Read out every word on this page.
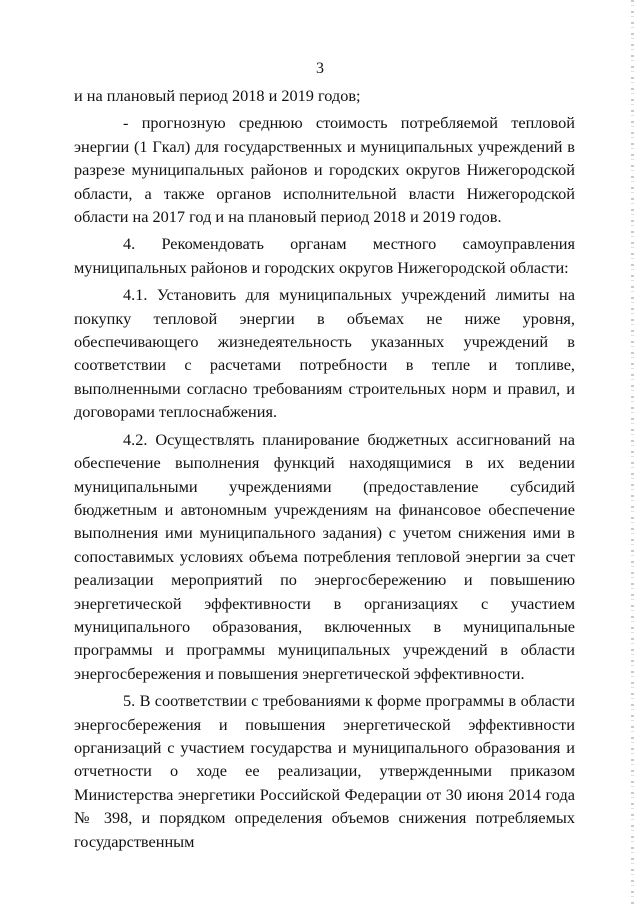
3

и на плановый период 2018 и 2019 годов;

- прогнозную среднюю стоимость потребляемой тепловой энергии (1 Гкал) для государственных и муниципальных учреждений в разрезе муниципальных районов и городских округов Нижегородской области, а также органов исполнительной власти Нижегородской области на 2017 год и на плановый период 2018 и 2019 годов.

4. Рекомендовать органам местного самоуправления муниципальных районов и городских округов Нижегородской области:

4.1. Установить для муниципальных учреждений лимиты на покупку тепловой энергии в объемах не ниже уровня, обеспечивающего жизнедеятельность указанных учреждений в соответствии с расчетами потребности в тепле и топливе, выполненными согласно требованиям строительных норм и правил, и договорами теплоснабжения.

4.2. Осуществлять планирование бюджетных ассигнований на обеспечение выполнения функций находящимися в их ведении муниципальными учреждениями (предоставление субсидий бюджетным и автономным учреждениям на финансовое обеспечение выполнения ими муниципального задания) с учетом снижения ими в сопоставимых условиях объема потребления тепловой энергии за счет реализации мероприятий по энергосбережению и повышению энергетической эффективности в организациях с участием муниципального образования, включенных в муниципальные программы и программы муниципальных учреждений в области энергосбережения и повышения энергетической эффективности.

5. В соответствии с требованиями к форме программы в области энергосбережения и повышения энергетической эффективности организаций с участием государства и муниципального образования и отчетности о ходе ее реализации, утвержденными приказом Министерства энергетики Российской Федерации от 30 июня 2014 года № 398, и порядком определения объемов снижения потребляемых государственным
